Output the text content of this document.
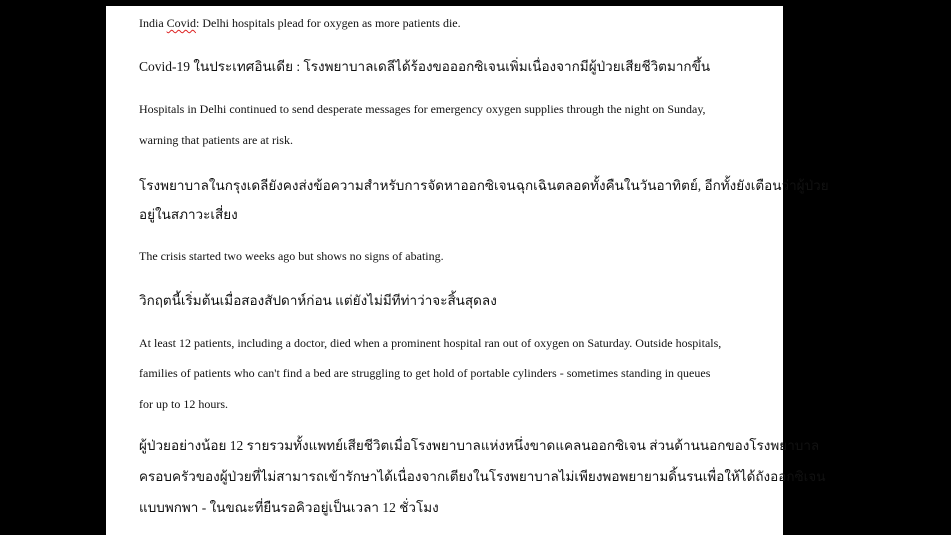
India Covid: Delhi hospitals plead for oxygen as more patients die.

Covid-19 ในประเทศอินเดีย : โรงพยาบาลเดลีได้ร้องขอออกซิเจนเพิ่มเนื่องจากมีผู้ป่วยเสียชีวิตมากขึ้น

Hospitals in Delhi continued to send desperate messages for emergency oxygen supplies through the night on Sunday,

warning that patients are at risk.

โรงพยาบาลในกรุงเดลียังคงส่งข้อความสำหรับการจัดหาออกซิเจนฉุกเฉินตลอดทั้งคืนในวันอาทิตย์, อีกทั้งยังเตือนว่าผู้ป่วย

อยู่ในสภาวะเสี่ยง

The crisis started two weeks ago but shows no signs of abating.

วิกฤตนี้เริ่มต้นเมื่อสองสัปดาห์ก่อน แต่ยังไม่มีทีท่าว่าจะสิ้นสุดลง

At least 12 patients, including a doctor, died when a prominent hospital ran out of oxygen on Saturday. Outside hospitals,

families of patients who can't find a bed are struggling to get hold of portable cylinders - sometimes standing in queues

for up to 12 hours.

ผู้ป่วยอย่างน้อย 12 รายรวมทั้งแพทย์เสียชีวิตเมื่อโรงพยาบาลแห่งหนึ่งขาดแคลนออกซิเจน ส่วนด้านนอกของโรงพยาบาล

ครอบครัวของผู้ป่วยที่ไม่สามารถเข้ารักษาได้เนื่องจากเตียงในโรงพยาบาลไม่เพียงพอพยายามดิ้นรนเพื่อให้ได้ถังออกซิเจน

แบบพกพา - ในขณะที่ยืนรอคิวอยู่เป็นเวลา 12 ชั่วโมง
